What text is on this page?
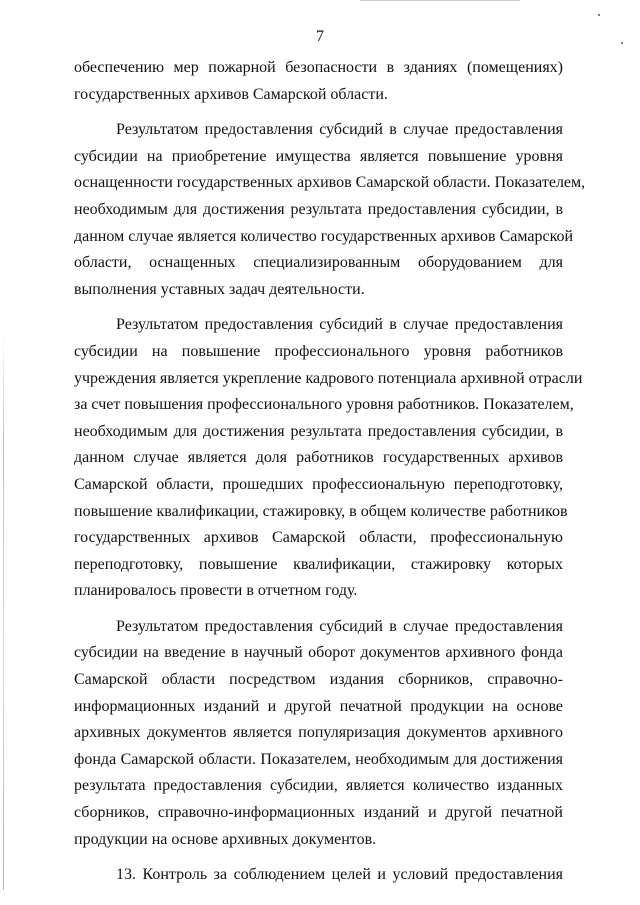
7

обеспечению мер пожарной безопасности в зданиях (помещениях)
государственных архивов Самарской области.

Результатом предоставления субсидий в случае предоставления
субсидии на приобретение имущества является повышение уровня
оснащенности государственных архивов Самарской области. Показателем,
необходимым для достижения результата предоставления субсидии, в
данном случае является количество государственных архивов Самарской
области, оснащенных специализированным оборудованием для
выполнения уставных задач деятельности.

Результатом предоставления субсидий в случае предоставления
субсидии на повышение профессионального уровня работников
учреждения является укрепление кадрового потенциала архивной отрасли
за счет повышения профессионального уровня работников. Показателем,
необходимым для достижения результата предоставления субсидии, в
данном случае является доля работников государственных архивов
Самарской области, прошедших профессиональную переподготовку,
повышение квалификации, стажировку, в общем количестве работников
государственных архивов Самарской области, профессиональную
переподготовку, повышение квалификации, стажировку которых
планировалось провести в отчетном году.

Результатом предоставления субсидий в случае предоставления
субсидии на введение в научный оборот документов архивного фонда
Самарской области посредством издания сборников, справочно-
информационных изданий и другой печатной продукции на основе
архивных документов является популяризация документов архивного
фонда Самарской области. Показателем, необходимым для достижения
результата предоставления субсидии, является количество изданных
сборников, справочно-информационных изданий и другой печатной
продукции на основе архивных документов.

13. Контроль за соблюдением целей и условий предоставления
